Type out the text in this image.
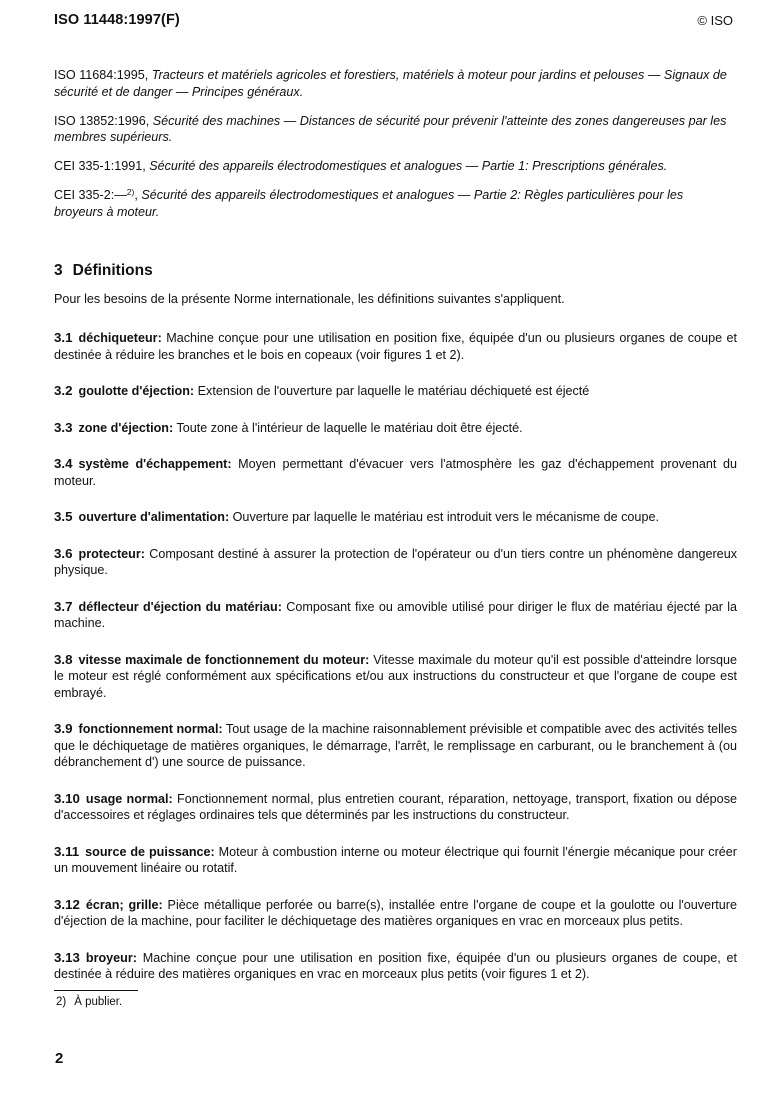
ISO 11448:1997(F)	© ISO

ISO 11684:1995, Tracteurs et matériels agricoles et forestiers, matériels à moteur pour jardins et pelouses — Signaux de sécurité et de danger — Principes généraux.

ISO 13852:1996, Sécurité des machines — Distances de sécurité pour prévenir l'atteinte des zones dangereuses par les membres supérieurs.

CEI 335-1:1991, Sécurité des appareils électrodomestiques et analogues — Partie 1: Prescriptions générales.

CEI 335-2:—$^{2)}$, Sécurité des appareils électrodomestiques et analogues — Partie 2: Règles particulières pour les broyeurs à moteur.

3 Définitions
Pour les besoins de la présente Norme internationale, les définitions suivantes s'appliquent.

3.1 déchiqueteur: Machine conçue pour une utilisation en position fixe, équipée d'un ou plusieurs organes de coupe et destinée à réduire les branches et le bois en copeaux (voir figures 1 et 2).

3.2 goulotte d'éjection: Extension de l'ouverture par laquelle le matériau déchiqueté est éjecté

3.3 zone d'éjection: Toute zone à l'intérieur de laquelle le matériau doit être éjecté.

3.4 système d'échappement: Moyen permettant d'évacuer vers l'atmosphère les gaz d'échappement provenant du moteur.

3.5 ouverture d'alimentation: Ouverture par laquelle le matériau est introduit vers le mécanisme de coupe.

3.6 protecteur: Composant destiné à assurer la protection de l'opérateur ou d'un tiers contre un phénomène dangereux physique.

3.7 déflecteur d'éjection du matériau: Composant fixe ou amovible utilisé pour diriger le flux de matériau éjecté par la machine.

3.8 vitesse maximale de fonctionnement du moteur: Vitesse maximale du moteur qu'il est possible d'atteindre lorsque le moteur est réglé conformément aux spécifications et/ou aux instructions du constructeur et que l'organe de coupe est embrayé.

3.9 fonctionnement normal: Tout usage de la machine raisonnablement prévisible et compatible avec des activités telles que le déchiquetage de matières organiques, le démarrage, l'arrêt, le remplissage en carburant, ou le branchement à (ou débranchement d') une source de puissance.

3.10 usage normal: Fonctionnement normal, plus entretien courant, réparation, nettoyage, transport, fixation ou dépose d'accessoires et réglages ordinaires tels que déterminés par les instructions du constructeur.

3.11 source de puissance: Moteur à combustion interne ou moteur électrique qui fournit l'énergie mécanique pour créer un mouvement linéaire ou rotatif.

3.12 écran; grille: Pièce métallique perforée ou barre(s), installée entre l'organe de coupe et la goulotte ou l'ouverture d'éjection de la machine, pour faciliter le déchiquetage des matières organiques en vrac en morceaux plus petits.

3.13 broyeur: Machine conçue pour une utilisation en position fixe, équipée d'un ou plusieurs organes de coupe, et destinée à réduire des matières organiques en vrac en morceaux plus petits (voir figures 1 et 2).

2) À publier.
2
